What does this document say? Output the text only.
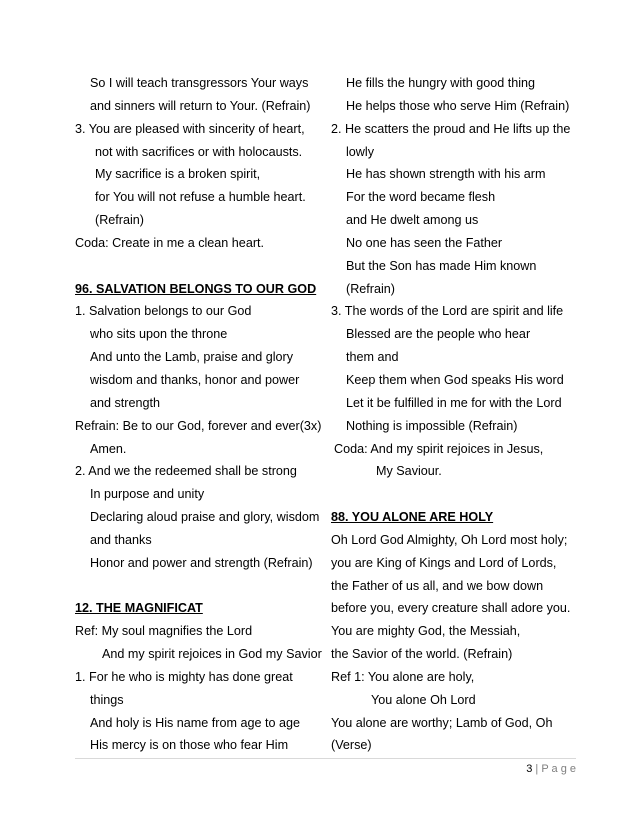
So I will teach transgressors Your ways
and sinners will return to Your. (Refrain)
3. You are pleased with sincerity of heart,
not with sacrifices or with holocausts.
My sacrifice is a broken spirit,
for You will not refuse a humble heart.
(Refrain)
Coda: Create in me a clean heart.
96. SALVATION BELONGS TO OUR GOD
1. Salvation belongs to our God
who sits upon the throne
And unto the Lamb, praise and glory
wisdom and thanks, honor and power
and strength
Refrain: Be to our God, forever and ever(3x)
Amen.
2. And we the redeemed shall be strong
In purpose and unity
Declaring aloud praise and glory, wisdom
and thanks
Honor and power and strength (Refrain)
12. THE MAGNIFICAT
Ref: My soul magnifies the Lord
And my spirit rejoices in God my Savior
1. For he who is mighty has done great
things
And holy is His name from age to age
His mercy is on those who fear Him
He fills the hungry with good thing
He helps those who serve Him (Refrain)
2. He scatters the proud and He lifts up the
lowly
He has shown strength with his arm
For the word became flesh
and He dwelt among us
No one has seen the Father
But the Son has made Him known
(Refrain)
3. The words of the Lord are spirit and life
Blessed are the people who hear
them and
Keep them when God speaks His word
Let it be fulfilled in me for with the Lord
Nothing is impossible (Refrain)
Coda: And my spirit rejoices in Jesus,
My Saviour.
88. YOU ALONE ARE HOLY
Oh Lord God Almighty, Oh Lord most holy;
you are King of Kings and Lord of Lords,
the Father of us all, and we bow down
before you, every creature shall adore you.
You are mighty God, the Messiah,
the Savior of the world. (Refrain)
Ref 1: You alone are holy,
You alone Oh Lord
You alone are worthy; Lamb of God, Oh
(Verse)
3 | P a g e
